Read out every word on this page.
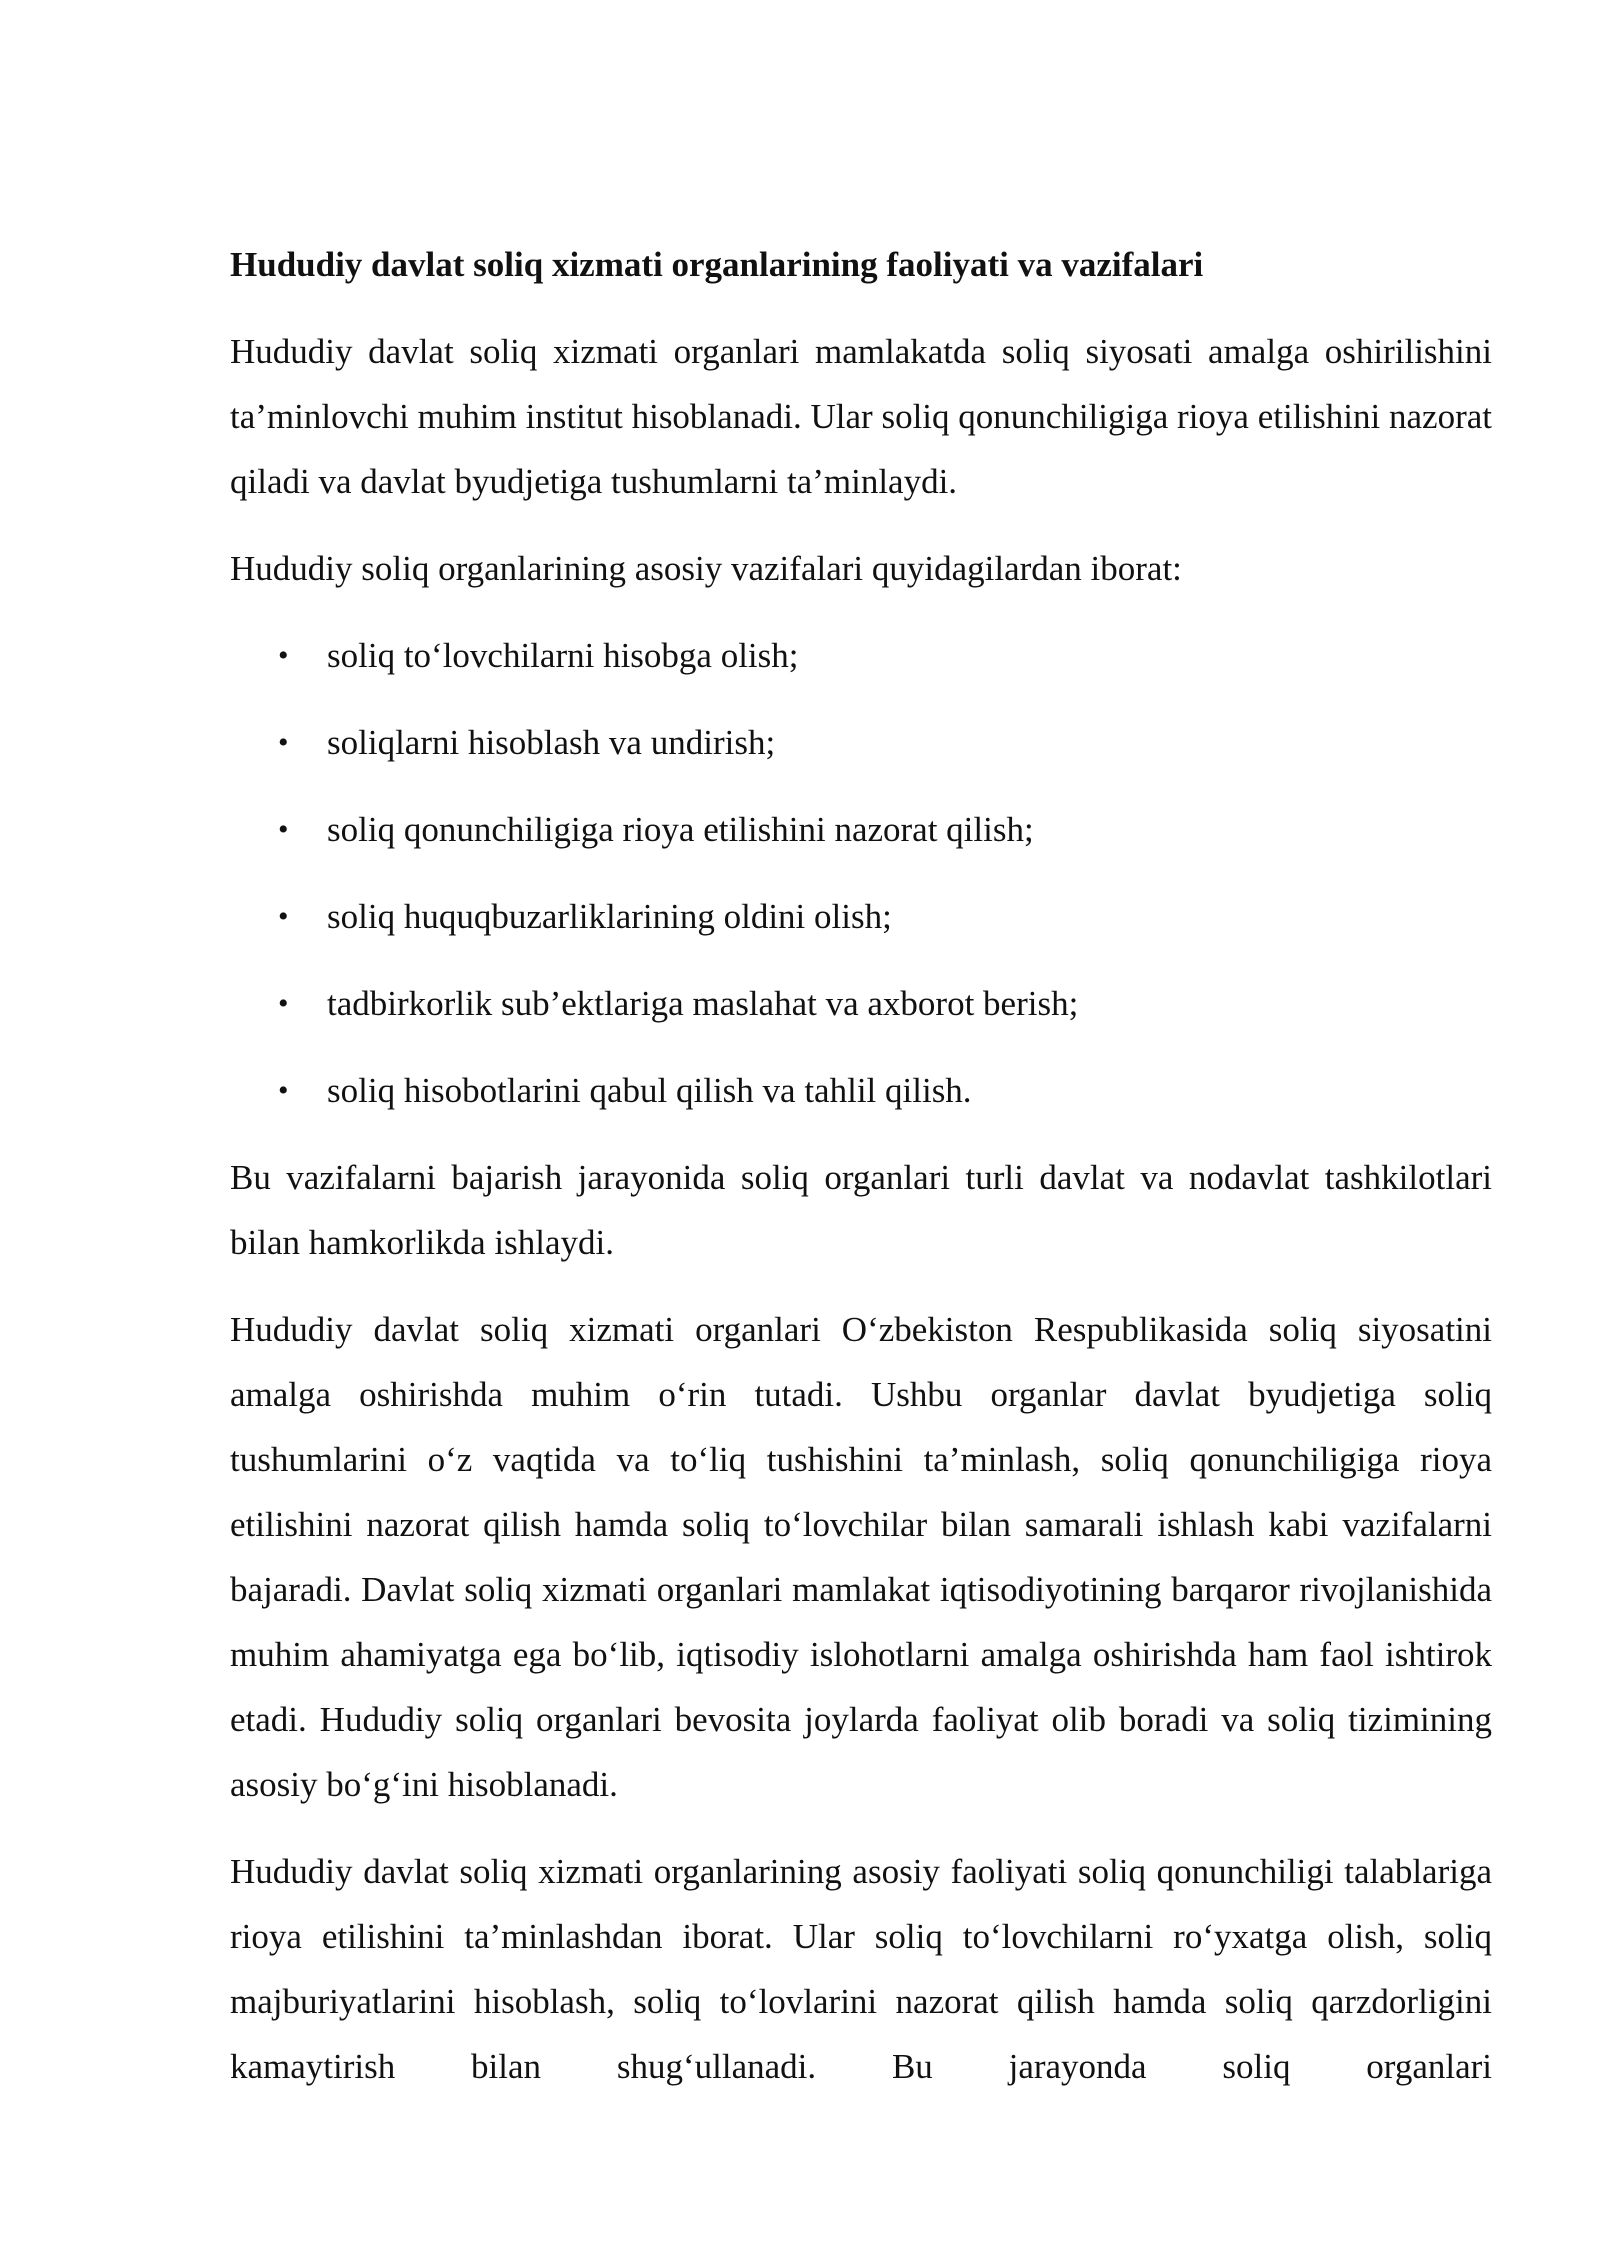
Hududiy davlat soliq xizmati organlarining faoliyati va vazifalari

Hududiy davlat soliq xizmati organlari mamlakatda soliq siyosati amalga oshirilishini ta’minlovchi muhim institut hisoblanadi. Ular soliq qonunchiligiga rioya etilishini nazorat qiladi va davlat byudjetiga tushumlarni ta’minlaydi.

Hududiy soliq organlarining asosiy vazifalari quyidagilardan iborat:

• soliq to‘lovchilarni hisobga olish;
• soliqlarni hisoblash va undirish;
• soliq qonunchiligiga rioya etilishini nazorat qilish;
• soliq huquqbuzarliklarining oldini olish;
• tadbirkorlik sub’ektlariga maslahat va axborot berish;
• soliq hisobotlarini qabul qilish va tahlil qilish.

Bu vazifalarni bajarish jarayonida soliq organlari turli davlat va nodavlat tashkilotlari bilan hamkorlikda ishlaydi.

Hududiy davlat soliq xizmati organlari O‘zbekiston Respublikasida soliq siyosatini amalga oshirishda muhim o‘rin tutadi. Ushbu organlar davlat byudjetiga soliq tushumlarini o‘z vaqtida va to‘liq tushishini ta’minlash, soliq qonunchiligiga rioya etilishini nazorat qilish hamda soliq to‘lovchilar bilan samarali ishlash kabi vazifalarni bajaradi. Davlat soliq xizmati organlari mamlakat iqtisodiyotining barqaror rivojlanishida muhim ahamiyatga ega bo‘lib, iqtisodiy islohotlarni amalga oshirishda ham faol ishtirok etadi. Hududiy soliq organlari bevosita joylarda faoliyat olib boradi va soliq tizimining asosiy bo‘g‘ini hisoblanadi.

Hududiy davlat soliq xizmati organlarining asosiy faoliyati soliq qonunchiligi talablariga rioya etilishini ta’minlashdan iborat. Ular soliq to‘lovchilarni ro‘yxatga olish, soliq majburiyatlarini hisoblash, soliq to‘lovlarini nazorat qilish hamda soliq qarzdorligini kamaytirish bilan shug‘ullanadi. Bu jarayonda soliq organlari
